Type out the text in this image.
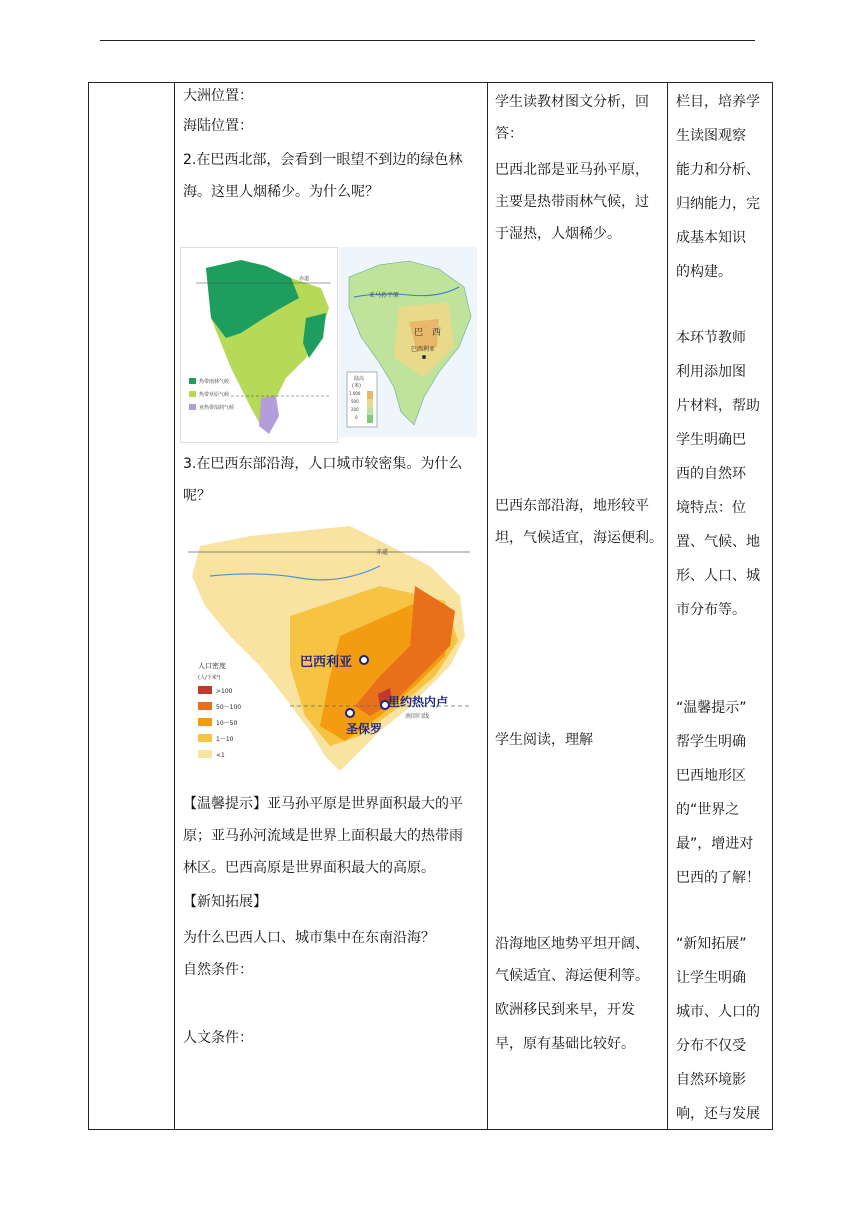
大洲位置：
海陆位置：
2.在巴西北部，会看到一眼望不到边的绿色林
海。这里人烟稀少。为什么呢？
赤道
热带雨林气候
热带草原气候
亚热带湿润气候
亚马孙平原
巴 西
巴西利亚
陆高
(米)
1 000
500
200
0
3.在巴西东部沿海，人口城市较密集。为什么
呢？
赤道
南回归线
巴西利亚
里约热内卢
圣保罗
人口密度
(人/千米²)
>100
50～100
10～50
1～10
<1
【温馨提示】亚马孙平原是世界面积最大的平
原；亚马孙河流域是世界上面积最大的热带雨
林区。巴西高原是世界面积最大的高原。
【新知拓展】
为什么巴西人口、城市集中在东南沿海？
自然条件：
人文条件：
学生读教材图文分析，回
答：
巴西北部是亚马孙平原，
主要是热带雨林气候，过
于湿热，人烟稀少。
巴西东部沿海，地形较平
坦，气候适宜，海运便利。
学生阅读，理解
沿海地区地势平坦开阔、
气候适宜、海运便利等。
欧洲移民到来早，开发
早，原有基础比较好。
栏目，培养学
生读图观察
能力和分析、
归纳能力，完
成基本知识
的构建。
本环节教师
利用添加图
片材料，帮助
学生明确巴
西的自然环
境特点：位
置、气候、地
形、人口、城
市分布等。
“温馨提示”
帮学生明确
巴西地形区
的“世界之
最”，增进对
巴西的了解！
“新知拓展”
让学生明确
城市、人口的
分布不仅受
自然环境影
响，还与发展
